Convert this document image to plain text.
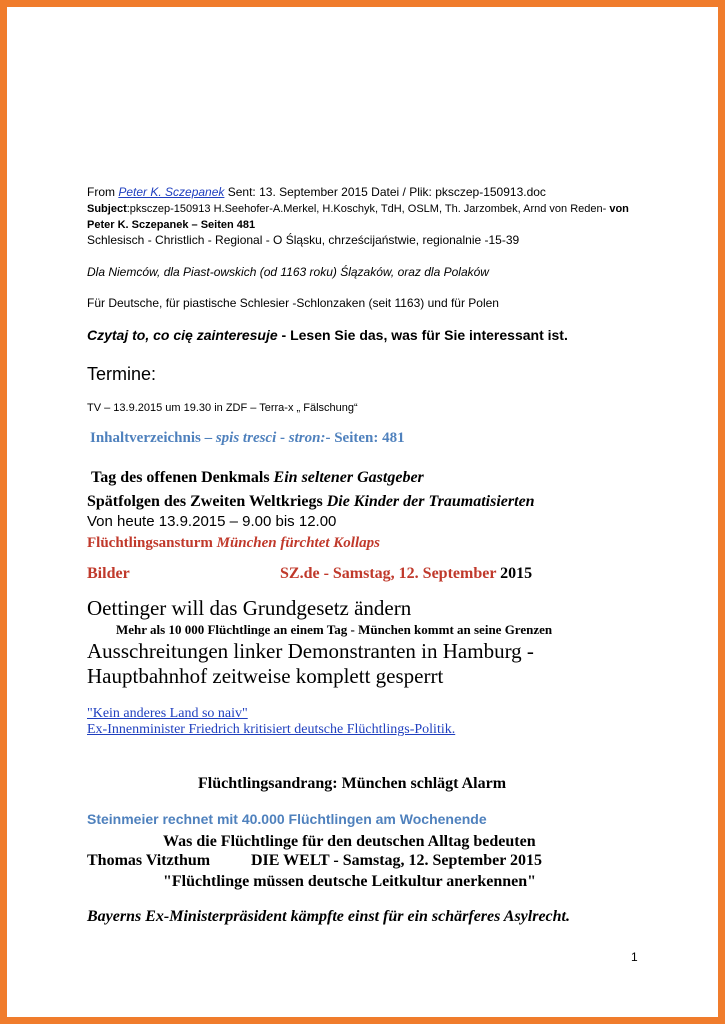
From Peter K. Sczepanek Sent: 13. September 2015 Datei / Plik: pksczep-150913.doc
Subject:pksczep-150913 H.Seehofer-A.Merkel, H.Koschyk, TdH, OSLM, Th. Jarzombek, Arnd von Reden- von
Peter K. Sczepanek – Seiten 481
Schlesisch - Christlich - Regional - O Śląsku, chrześcijaństwie, regionalnie -15-39
Dla Niemców, dla Piast-owskich (od 1163 roku) Ślązaków, oraz dla Polaków
Für Deutsche, für piastische Schlesier -Schlonzaken (seit 1163) und für Polen
Czytaj to, co cię zainteresuje - Lesen Sie das, was für Sie interessant ist.
Termine:
TV – 13.9.2015 um 19.30 in ZDF – Terra-x „ Fälschung“
Inhaltverzeichnis – spis tresci - stron:- Seiten: 481
Tag des offenen Denkmals Ein seltener Gastgeber
Spätfolgen des Zweiten Weltkriegs Die Kinder der Traumatisierten
Von heute 13.9.2015 – 9.00 bis 12.00
Flüchtlingsansturm München fürchtet Kollaps
Bilder	SZ.de - Samstag, 12. September 2015
Oettinger will das Grundgesetz ändern
Mehr als 10 000 Flüchtlinge an einem Tag - München kommt an seine Grenzen
Ausschreitungen linker Demonstranten in Hamburg -
Hauptbahnhof zeitweise komplett gesperrt
"Kein anderes Land so naiv"
Ex-Innenminister Friedrich kritisiert deutsche Flüchtlings-Politik.
Flüchtlingsandrang: München schlägt Alarm
Steinmeier rechnet mit 40.000 Flüchtlingen am Wochenende
Was die Flüchtlinge für den deutschen Alltag bedeuten
Thomas Vitzthum	DIE WELT - Samstag, 12. September 2015
"Flüchtlinge müssen deutsche Leitkultur anerkennen"
Bayerns Ex-Ministerpräsident kämpfte einst für ein schärferes Asylrecht.
1
